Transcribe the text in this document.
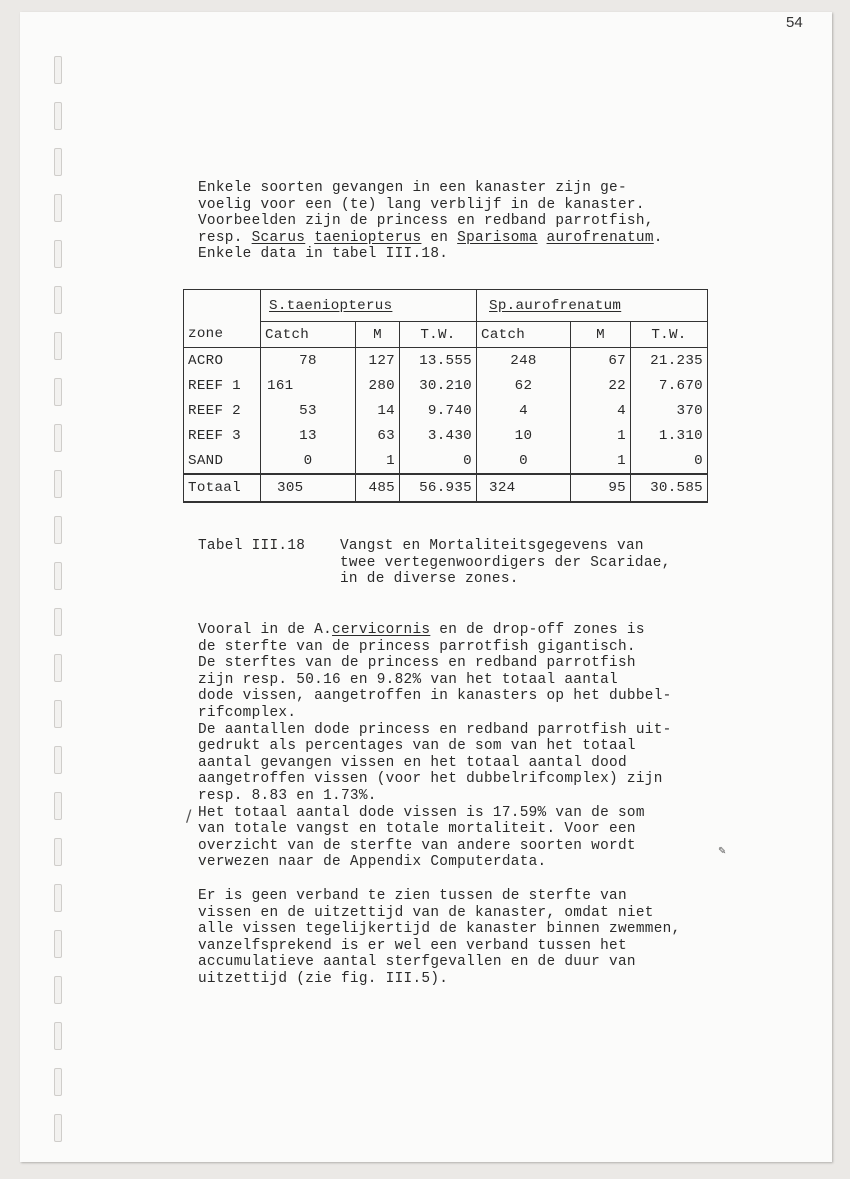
54
Enkele soorten gevangen in een kanaster zijn ge-
voelig voor een (te) lang verblijf in de kanaster.
Voorbeelden zijn de princess en redband parrotfish,
resp. Scarus taeniopterus en Sparisoma aurofrenatum.
Enkele data in tabel III.18.
	S.taeniopterus			Sp.aurofrenatum		
zone	Catch	M	T.W.	Catch	M	T.W.
ACRO	78	127	13.555	248	67	21.235
REEF 1	161	280	30.210	62	22	7.670
REEF 2	53	14	9.740	4	4	370
REEF 3	13	63	3.430	10	1	1.310
SAND	0	1	0	0	1	0
Totaal	305	485	56.935	324	95	30.585
Tabel III.18 Vangst en Mortaliteitsgegevens van
twee vertegenwoordigers der Scaridae,
in de diverse zones.
Vooral in de A.cervicornis en de drop-off zones is
de sterfte van de princess parrotfish gigantisch.
De sterftes van de princess en redband parrotfish
zijn resp. 50.16 en 9.82% van het totaal aantal
dode vissen, aangetroffen in kanasters op het dubbel-
rifcomplex.
De aantallen dode princess en redband parrotfish uit-
gedrukt als percentages van de som van het totaal
aantal gevangen vissen en het totaal aantal dood
aangetroffen vissen (voor het dubbelrifcomplex) zijn
resp. 8.83 en 1.73%.
Het totaal aantal dode vissen is 17.59% van de som
van totale vangst en totale mortaliteit. Voor een
overzicht van de sterfte van andere soorten wordt
verwezen naar de Appendix Computerdata.
Er is geen verband te zien tussen de sterfte van
vissen en de uitzettijd van de kanaster, omdat niet
alle vissen tegelijkertijd de kanaster binnen zwemmen,
vanzelfsprekend is er wel een verband tussen het
accumulatieve aantal sterfgevallen en de duur van
uitzettijd (zie fig. III.5).
/
✎
